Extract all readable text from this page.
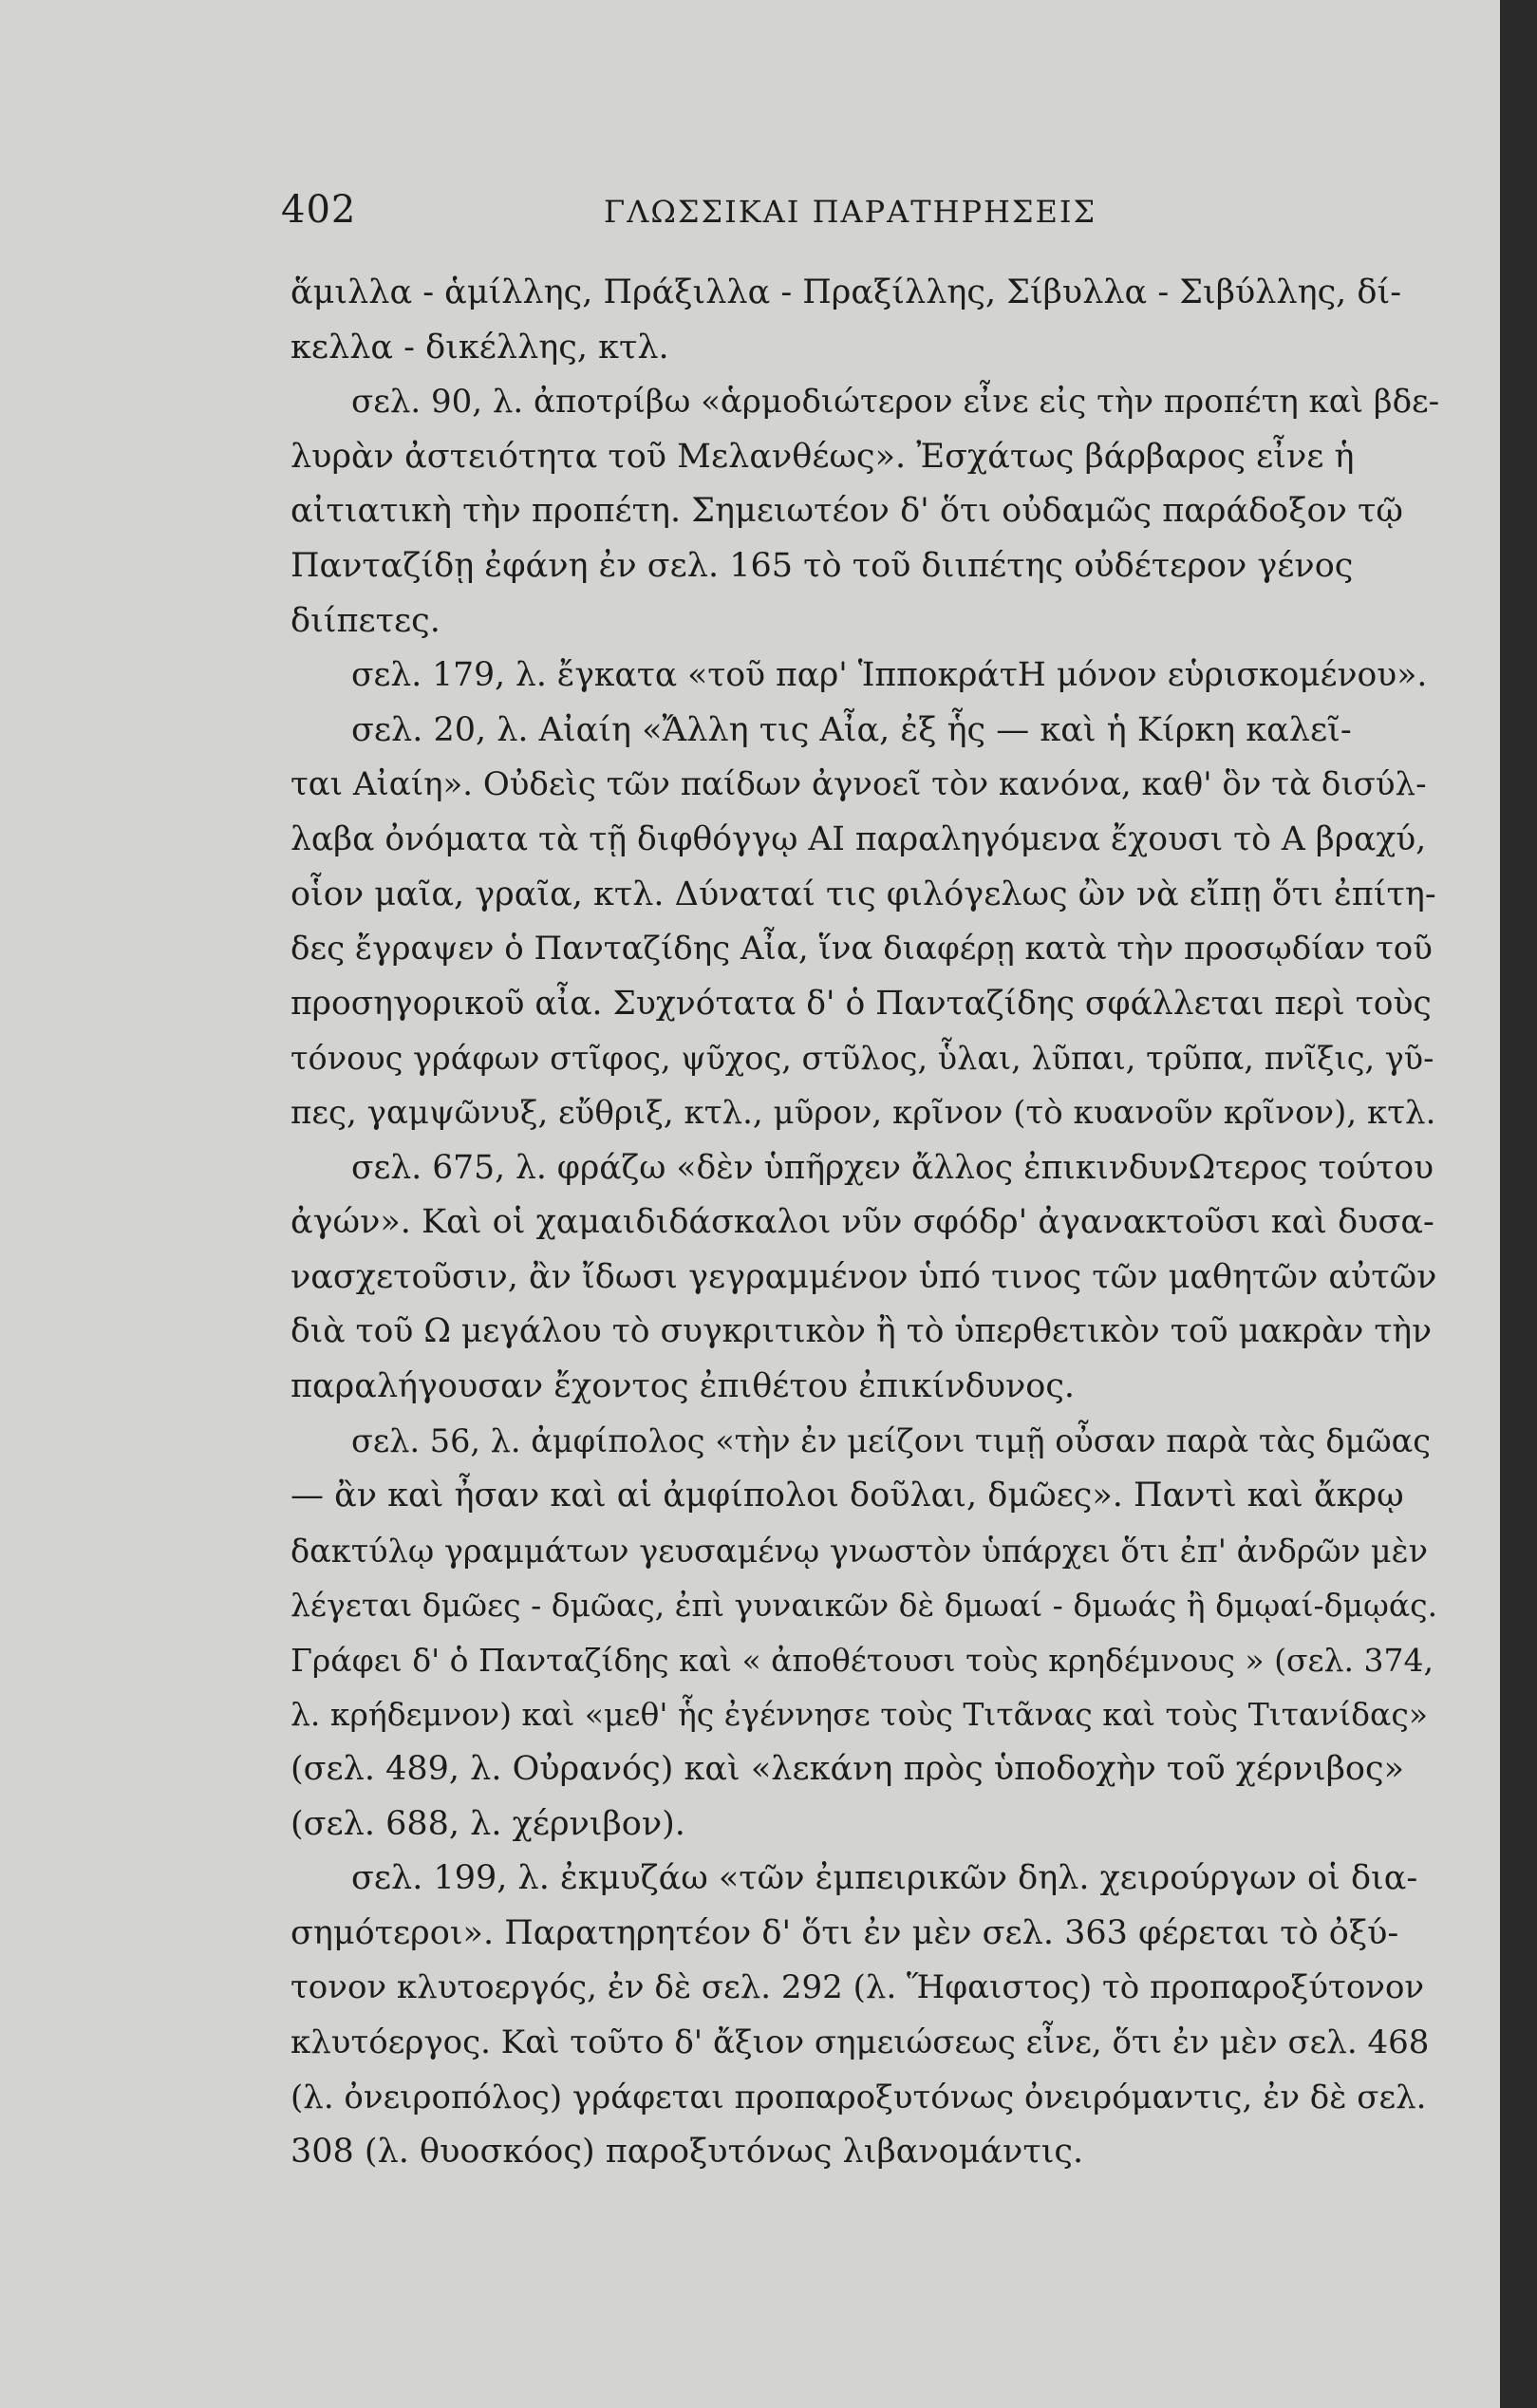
402	ΓΛΩΣΣΙΚΑΙ ΠΑΡΑΤΗΡΗΣΕΙΣ
ἅμιλλα - ἁμίλλης, Πράξιλλα - Πραξίλλης, Σίβυλλα - Σιβύλλης, δί-
κελλα - δικέλλης, κτλ.
σελ. 90, λ. ἀποτρίβω «ἁρμοδιώτερον εἶνε εἰς τὴν προπέτη καὶ βδε-
λυρὰν ἀστειότητα τοῦ Μελανθέως». Ἐσχάτως βάρβαρος εἶνε ἡ
αἰτιατικὴ τὴν προπέτη. Σημειωτέον δ' ὅτι οὐδαμῶς παράδοξον τῷ
Πανταζίδῃ ἐφάνη ἐν σελ. 165 τὸ τοῦ διιπέτης οὐδέτερον γένος
διίπετες.
σελ. 179, λ. ἔγκατα «τοῦ παρ' ἹπποκράτΗ μόνον εὑρισκομένου».
σελ. 20, λ. Αἰαίη «Ἄλλη τις Αἶα, ἐξ ἧς — καὶ ἡ Κίρκη καλεῖ-
ται Αἰαίη». Οὐδεὶς τῶν παίδων ἀγνοεῖ τὸν κανόνα, καθ' ὃν τὰ δισύλ-
λαβα ὀνόματα τὰ τῇ διφθόγγῳ ΑΙ παραληγόμενα ἔχουσι τὸ Α βραχύ,
οἷον μαῖα, γραῖα, κτλ. Δύναταί τις φιλόγελως ὢν νὰ εἴπῃ ὅτι ἐπίτη-
δες ἔγραψεν ὁ Πανταζίδης Αἶα, ἵνα διαφέρῃ κατὰ τὴν προσῳδίαν τοῦ
προσηγορικοῦ αἶα. Συχνότατα δ' ὁ Πανταζίδης σφάλλεται περὶ τοὺς
τόνους γράφων στῖφος, ψῦχος, στῦλος, ὗλαι, λῦπαι, τρῦπα, πνῖξις, γῦ-
πες, γαμψῶνυξ, εὔθριξ, κτλ., μῦρον, κρῖνον (τὸ κυανοῦν κρῖνον), κτλ.
σελ. 675, λ. φράζω «δὲν ὑπῆρχεν ἄλλος ἐπικινδυνΩτερος τούτου
ἀγών». Καὶ οἱ χαμαιδιδάσκαλοι νῦν σφόδρ' ἀγανακτοῦσι καὶ δυσα-
νασχετοῦσιν, ἂν ἴδωσι γεγραμμένον ὑπό τινος τῶν μαθητῶν αὐτῶν
διὰ τοῦ Ω μεγάλου τὸ συγκριτικὸν ἢ τὸ ὑπερθετικὸν τοῦ μακρὰν τὴν
παραλήγουσαν ἔχοντος ἐπιθέτου ἐπικίνδυνος.
σελ. 56, λ. ἀμφίπολος «τὴν ἐν μείζονι τιμῇ οὖσαν παρὰ τὰς δμῶας
— ἂν καὶ ἦσαν καὶ αἱ ἀμφίπολοι δοῦλαι, δμῶες». Παντὶ καὶ ἄκρῳ
δακτύλῳ γραμμάτων γευσαμένῳ γνωστὸν ὑπάρχει ὅτι ἐπ' ἀνδρῶν μὲν
λέγεται δμῶες - δμῶας, ἐπὶ γυναικῶν δὲ δμωαί - δμωάς ἢ δμῳαί-δμῳάς.
Γράφει δ' ὁ Πανταζίδης καὶ « ἀποθέτουσι τοὺς κρηδέμνους » (σελ. 374,
λ. κρήδεμνον) καὶ «μεθ' ἧς ἐγέννησε τοὺς Τιτᾶνας καὶ τοὺς Τιτανίδας»
(σελ. 489, λ. Οὐρανός) καὶ «λεκάνη πρὸς ὑποδοχὴν τοῦ χέρνιβος»
(σελ. 688, λ. χέρνιβον).
σελ. 199, λ. ἐκμυζάω «τῶν ἐμπειρικῶν δηλ. χειρούργων οἱ δια-
σημότεροι». Παρατηρητέον δ' ὅτι ἐν μὲν σελ. 363 φέρεται τὸ ὀξύ-
τονον κλυτοεργός, ἐν δὲ σελ. 292 (λ. Ἥφαιστος) τὸ προπαροξύτονον
κλυτόεργος. Καὶ τοῦτο δ' ἄξιον σημειώσεως εἶνε, ὅτι ἐν μὲν σελ. 468
(λ. ὀνειροπόλος) γράφεται προπαροξυτόνως ὀνειρόμαντις, ἐν δὲ σελ.
308 (λ. θυοσκόος) παροξυτόνως λιβανομάντις.
